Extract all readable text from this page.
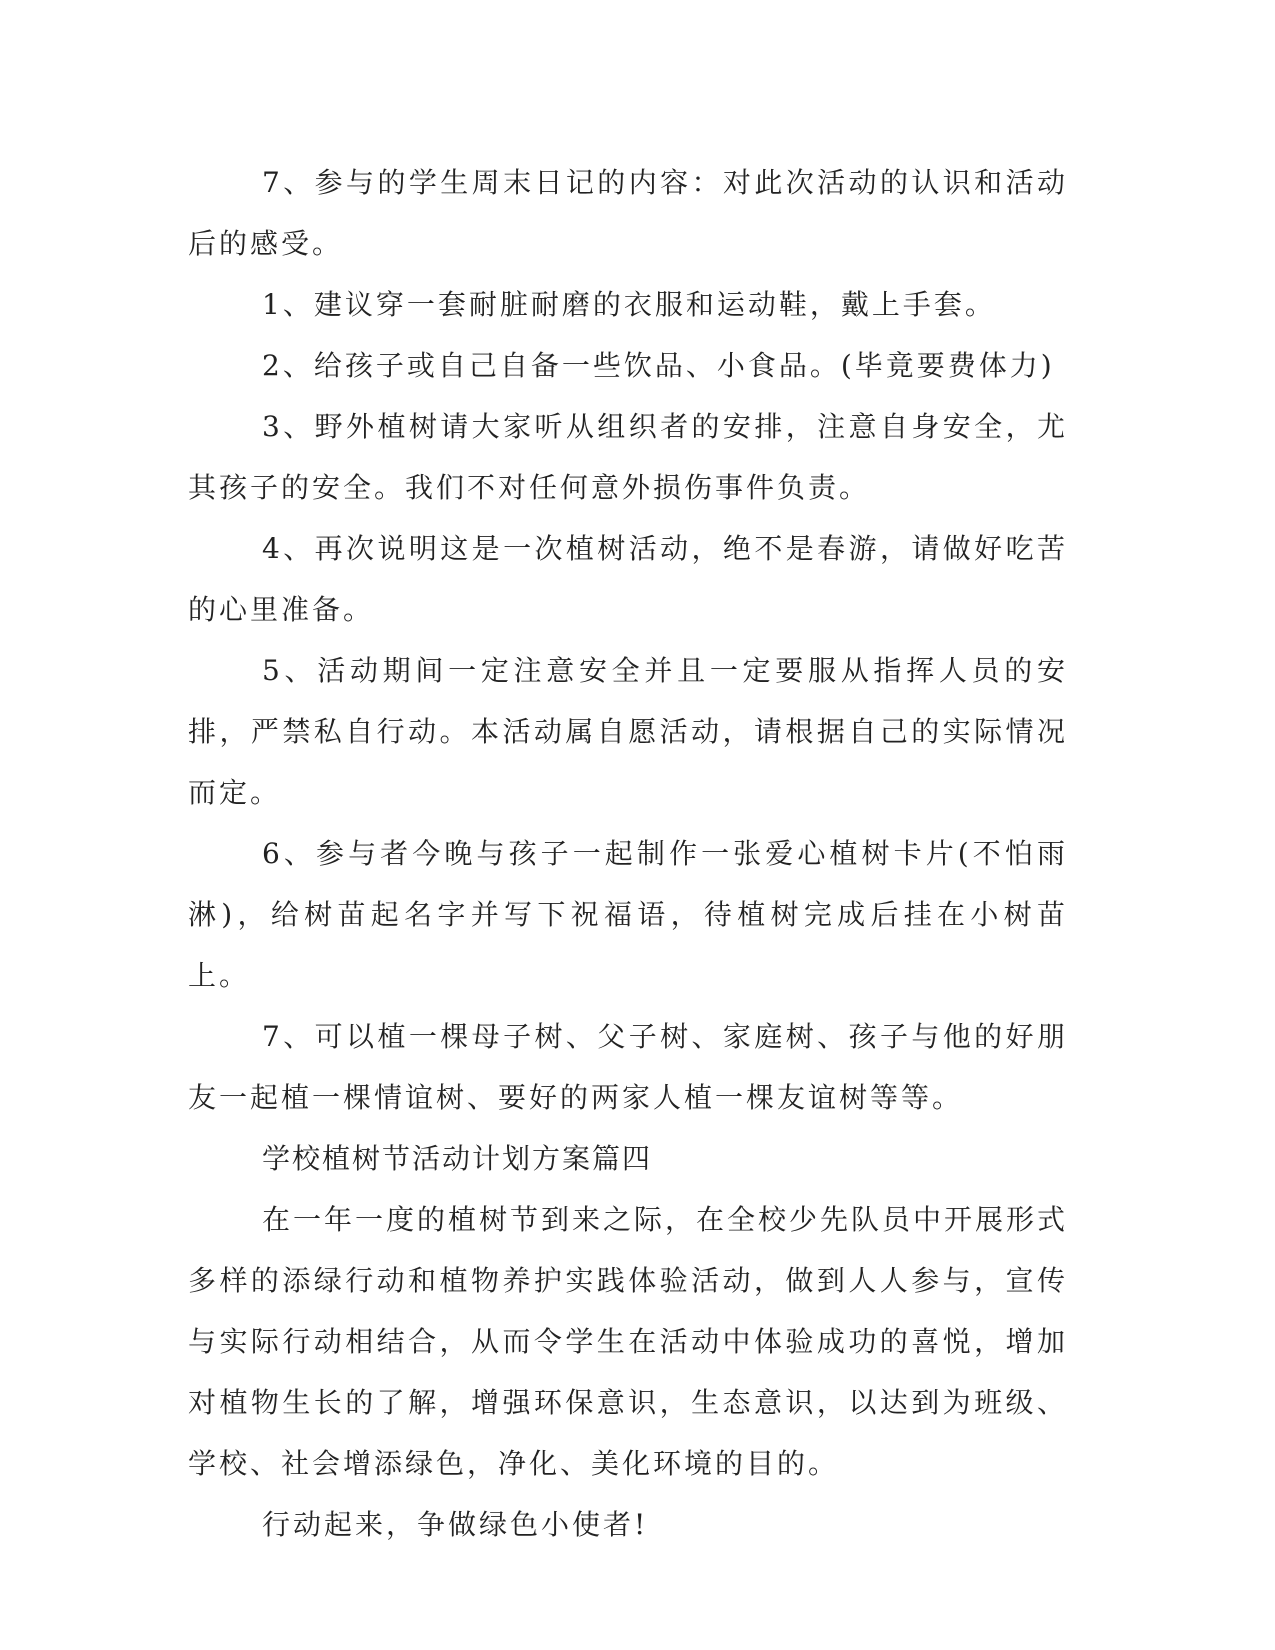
7、参与的学生周末日记的内容：对此次活动的认识和活动后的感受。

1、建议穿一套耐脏耐磨的衣服和运动鞋，戴上手套。

2、给孩子或自己自备一些饮品、小食品。(毕竟要费体力)

3、野外植树请大家听从组织者的安排，注意自身安全，尤其孩子的安全。我们不对任何意外损伤事件负责。

4、再次说明这是一次植树活动，绝不是春游，请做好吃苦的心里准备。

5、活动期间一定注意安全并且一定要服从指挥人员的安排，严禁私自行动。本活动属自愿活动，请根据自己的实际情况而定。

6、参与者今晚与孩子一起制作一张爱心植树卡片(不怕雨淋)，给树苗起名字并写下祝福语，待植树完成后挂在小树苗上。

7、可以植一棵母子树、父子树、家庭树、孩子与他的好朋友一起植一棵情谊树、要好的两家人植一棵友谊树等等。

学校植树节活动计划方案篇四

在一年一度的植树节到来之际，在全校少先队员中开展形式多样的添绿行动和植物养护实践体验活动，做到人人参与，宣传与实际行动相结合，从而令学生在活动中体验成功的喜悦，增加对植物生长的了解，增强环保意识，生态意识，以达到为班级、学校、社会增添绿色，净化、美化环境的目的。

行动起来，争做绿色小使者!
